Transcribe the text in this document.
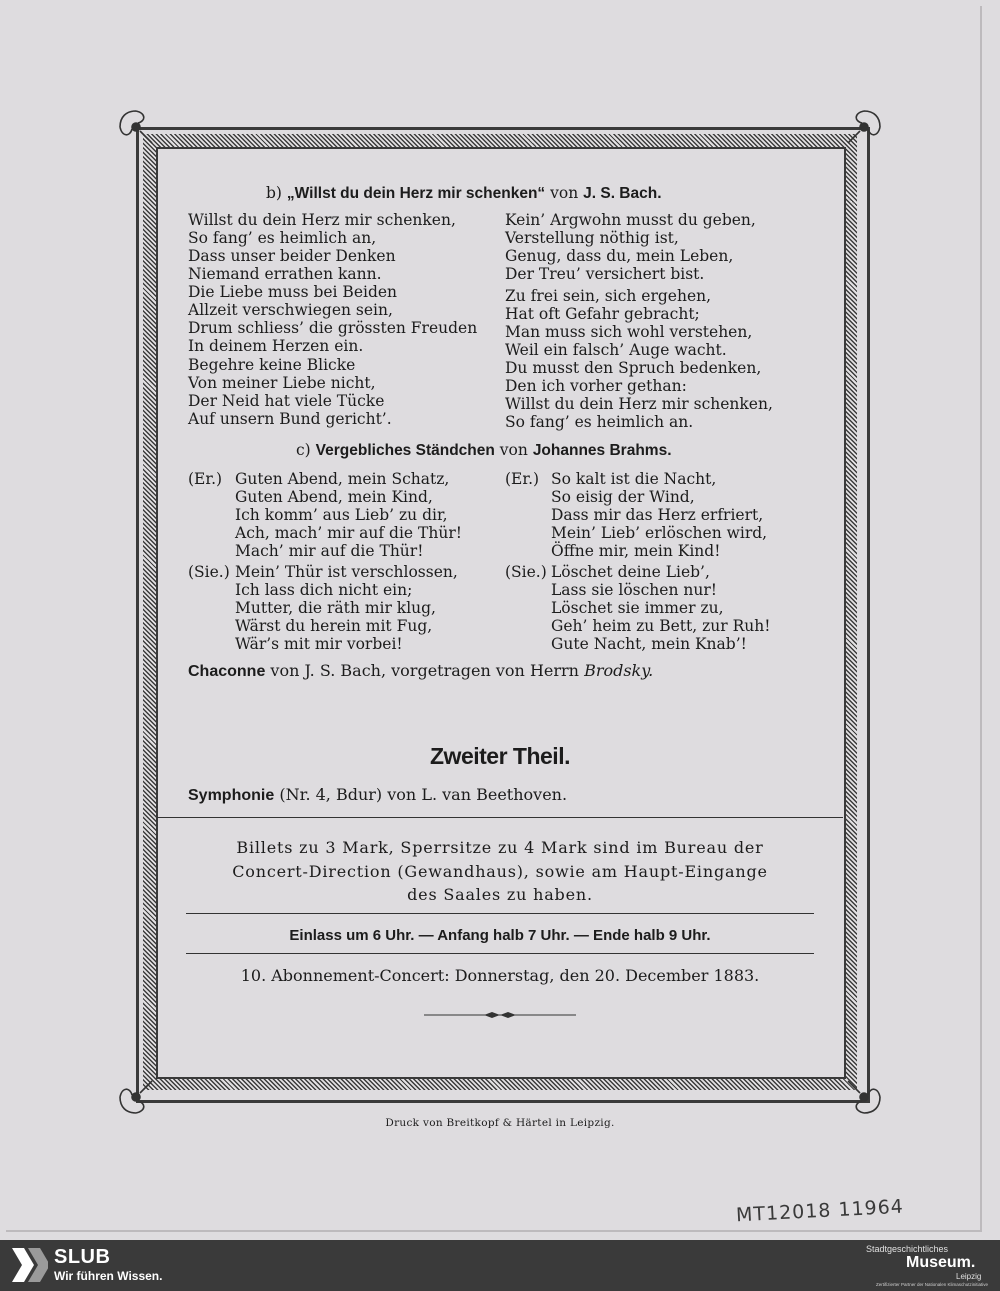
b) „Willst du dein Herz mir schenken“ von J. S. Bach.
Willst du dein Herz mir schenken,
So fang’ es heimlich an,
Dass unser beider Denken
Niemand errathen kann.
Die Liebe muss bei Beiden
Allzeit verschwiegen sein,
Drum schliess’ die grössten Freuden
In deinem Herzen ein.
Begehre keine Blicke
Von meiner Liebe nicht,
Der Neid hat viele Tücke
Auf unsern Bund gericht’.
Kein’ Argwohn musst du geben,
Verstellung nöthig ist,
Genug, dass du, mein Leben,
Der Treu’ versichert bist.
Zu frei sein, sich ergehen,
Hat oft Gefahr gebracht;
Man muss sich wohl verstehen,
Weil ein falsch’ Auge wacht.
Du musst den Spruch bedenken,
Den ich vorher gethan:
Willst du dein Herz mir schenken,
So fang’ es heimlich an.
c) Vergebliches Ständchen von Johannes Brahms.
(Er.) Guten Abend, mein Schatz,
Guten Abend, mein Kind,
Ich komm’ aus Lieb’ zu dir,
Ach, mach’ mir auf die Thür!
Mach’ mir auf die Thür!
(Sie.) Mein’ Thür ist verschlossen,
Ich lass dich nicht ein;
Mutter, die räth mir klug,
Wärst du herein mit Fug,
Wär’s mit mir vorbei!
(Er.) So kalt ist die Nacht,
So eisig der Wind,
Dass mir das Herz erfriert,
Mein’ Lieb’ erlöschen wird,
Öffne mir, mein Kind!
(Sie.) Löschet deine Lieb’,
Lass sie löschen nur!
Löschet sie immer zu,
Geh’ heim zu Bett, zur Ruh!
Gute Nacht, mein Knab’!
Chaconne von J. S. Bach, vorgetragen von Herrn Brodsky.
Zweiter Theil.
Symphonie (Nr. 4, Bdur) von L. van Beethoven.
Billets zu 3 Mark, Sperrsitze zu 4 Mark sind im Bureau der
Concert-Direction (Gewandhaus), sowie am Haupt-Eingange
des Saales zu haben.
Einlass um 6 Uhr. — Anfang halb 7 Uhr. — Ende halb 9 Uhr.
10. Abonnement-Concert: Donnerstag, den 20. December 1883.
Druck von Breitkopf & Härtel in Leipzig.
MT12018 11964
SLUB
Wir führen Wissen.
Stadtgeschichtliches
Museum.
Leipzig
Zertifizierter Partner der Nationalen Klimaschutzinitiative
